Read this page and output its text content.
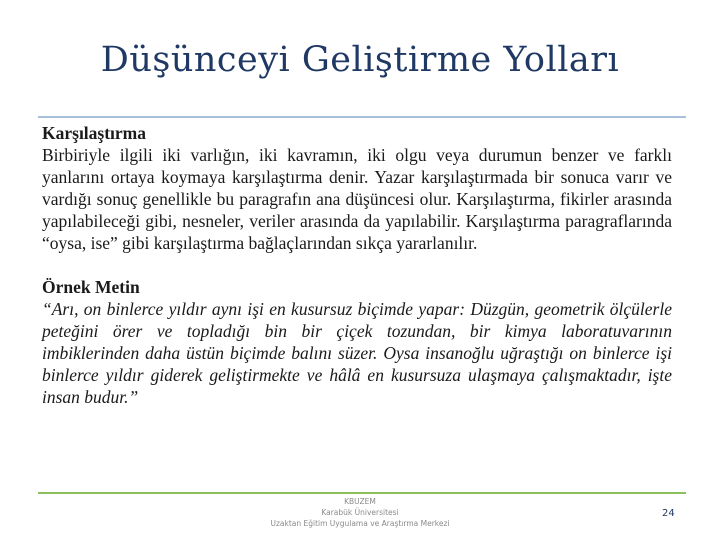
Düşünceyi Geliştirme Yolları

Karşılaştırma

Birbiriyle ilgili iki varlığın, iki kavramın, iki olgu veya durumun benzer ve farklı yanlarını ortaya koymaya karşılaştırma denir. Yazar karşılaştırmada bir sonuca varır ve vardığı sonuç genellikle bu paragrafın ana düşüncesi olur. Karşılaştırma, fikirler arasında yapılabileceği gibi, nesneler, veriler arasında da yapılabilir. Karşılaştırma paragraflarında “oysa, ise” gibi karşılaştırma bağlaçlarından sıkça yararlanılır.

Örnek Metin

“Arı, on binlerce yıldır aynı işi en kusursuz biçimde yapar: Düzgün, geometrik ölçülerle peteğini örer ve topladığı bin bir çiçek tozundan, bir kimya laboratuvarının imbiklerinden daha üstün biçimde balını süzer. Oysa insanoğlu uğraştığı on binlerce işi binlerce yıldır giderek geliştirmekte ve hâlâ en kusursuza ulaşmaya çalışmaktadır, işte insan budur.”

KBUZEM
Karabük Üniversitesi
Uzaktan Eğitim Uygulama ve Araştırma Merkezi
24
